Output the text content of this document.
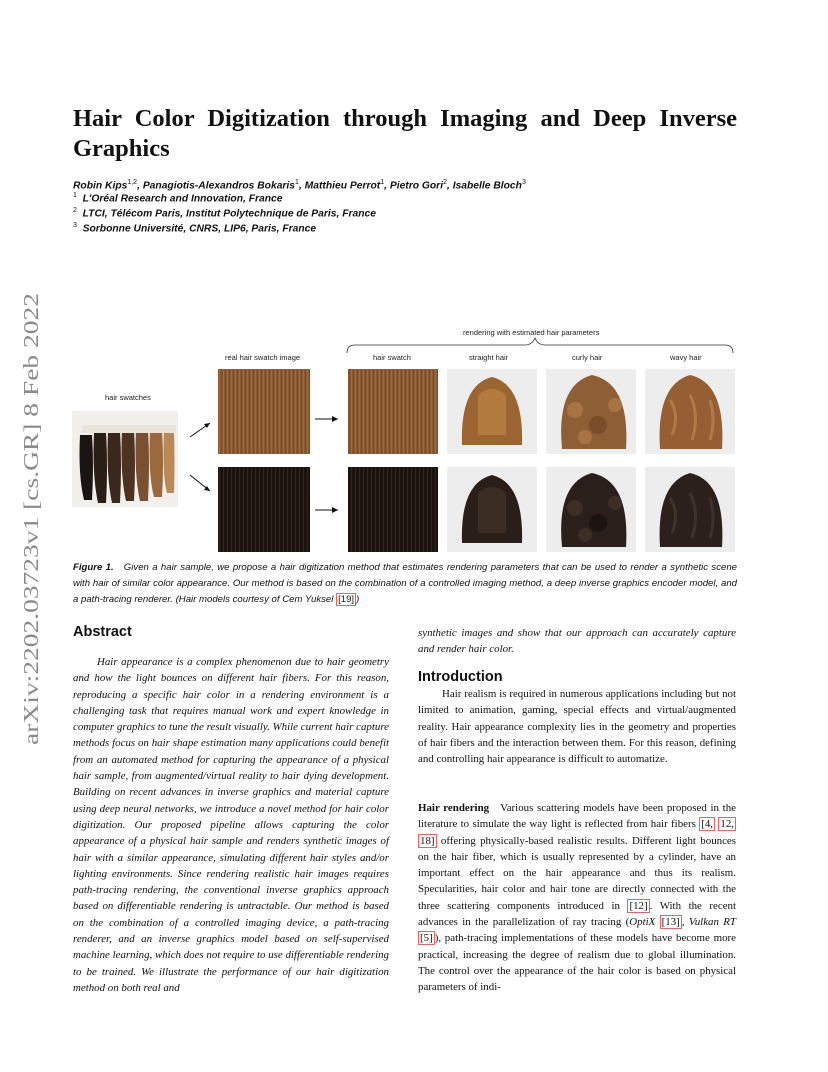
arXiv:2202.03723v1 [cs.GR] 8 Feb 2022
Hair Color Digitization through Imaging and Deep Inverse Graphics
Robin Kips$^{1,2}$, Panagiotis-Alexandros Bokaris$^1$, Matthieu Perrot$^1$, Pietro Gori$^2$, Isabelle Bloch$^3$
$^1$ L'Oréal Research and Innovation, France
$^2$ LTCI, Télécom Paris, Institut Polytechnique de Paris, France
$^3$ Sorbonne Université, CNRS, LIP6, Paris, France
hair swatches
real hair swatch image
rendering with estimated hair parameters
hair swatch	straight hair	curly hair	wavy hair
Figure 1. Given a hair sample, we propose a hair digitization method that estimates rendering parameters that can be used to render a synthetic scene with hair of similar color appearance. Our method is based on the combination of a controlled imaging method, a deep inverse graphics encoder model, and a path-tracing renderer. (Hair models courtesy of Cem Yuksel [19] )
Abstract
Hair appearance is a complex phenomenon due to hair geometry and how the light bounces on different hair fibers. For this reason, reproducing a specific hair color in a rendering environment is a challenging task that requires manual work and expert knowledge in computer graphics to tune the result visually. While current hair capture methods focus on hair shape estimation many applications could benefit from an automated method for capturing the appearance of a physical hair sample, from augmented/virtual reality to hair dying development. Building on recent advances in inverse graphics and material capture using deep neural networks, we introduce a novel method for hair color digitization. Our proposed pipeline allows capturing the color appearance of a physical hair sample and renders synthetic images of hair with a similar appearance, simulating different hair styles and/or lighting environments. Since rendering realistic hair images requires path-tracing rendering, the conventional inverse graphics approach based on differentiable rendering is untractable. Our method is based on the combination of a controlled imaging device, a path-tracing renderer, and an inverse graphics model based on self-supervised machine learning, which does not require to use differentiable rendering to be trained. We illustrate the performance of our hair digitization method on both real and
synthetic images and show that our approach can accurately capture and render hair color.
Introduction
Hair realism is required in numerous applications including but not limited to animation, gaming, special effects and virtual/augmented reality. Hair appearance complexity lies in the geometry and properties of hair fibers and the interaction between them. For this reason, defining and controlling hair appearance is difficult to automatize.
Hair rendering Various scattering models have been proposed in the literature to simulate the way light is reflected from hair fibers [4, 12, 18] offering physically-based realistic results. Different light bounces on the hair fiber, which is usually represented by a cylinder, have an important effect on the hair appearance and thus its realism. Specularities, hair color and hair tone are directly connected with the three scattering components introduced in [12] . With the recent advances in the parallelization of ray tracing (OptiX [13] , Vulkan RT [5] ), path-tracing implementations of these models have become more practical, increasing the degree of realism due to global illumination. The control over the appearance of the hair color is based on physical parameters of indi-
